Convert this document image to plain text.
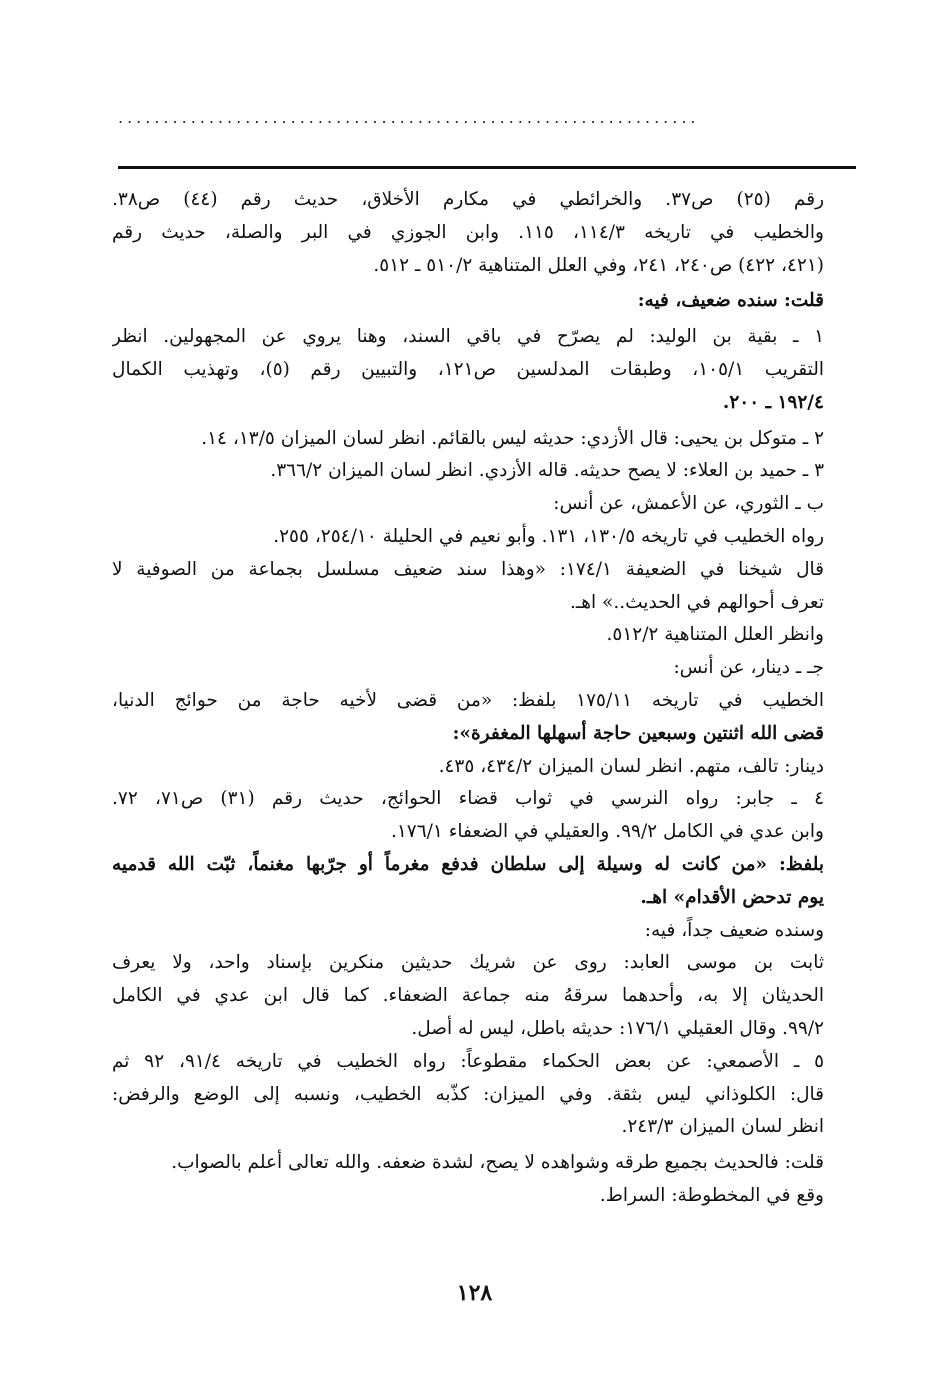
................................................................
رقم (٢٥) ص٣٧. والخرائطي في مكارم الأخلاق، حديث رقم (٤٤) ص٣٨.
والخطيب في تاريخه ١١٤/٣، ١١٥. وابن الجوزي في البر والصلة، حديث رقم
(٤٢١، ٤٢٢) ص٢٤٠، ٢٤١، وفي العلل المتناهية ٥١٠/٢ ـ ٥١٢.
قلت: سنده ضعيف، فيه:
١ ـ بقية بن الوليد: لم يصرّح في باقي السند، وهنا يروي عن المجهولين. انظر
التقريب ١٠٥/١، وطبقات المدلسين ص١٢١، والتبيين رقم (٥)، وتهذيب الكمال
١٩٢/٤ ـ ٢٠٠.
٢ ـ متوكل بن يحيى: قال الأزدي: حديثه ليس بالقائم. انظر لسان الميزان ١٣/٥، ١٤.
٣ ـ حميد بن العلاء: لا يصح حديثه. قاله الأزدي. انظر لسان الميزان ٣٦٦/٢.
ب ـ الثوري، عن الأعمش، عن أنس:
رواه الخطيب في تاريخه ١٣٠/٥، ١٣١. وأبو نعيم في الحليلة ٢٥٤/١٠، ٢٥٥.
قال شيخنا في الضعيفة ١٧٤/١: «وهذا سند ضعيف مسلسل بجماعة من الصوفية لا
تعرف أحوالهم في الحديث..» اهـ.
وانظر العلل المتناهية ٥١٢/٢.
جـ ـ دينار، عن أنس:
الخطيب في تاريخه ١٧٥/١١ بلفظ: «من قضى لأخيه حاجة من حوائج الدنيا،
قضى الله اثنتين وسبعين حاجة أسهلها المغفرة»:
دينار: تالف، متهم. انظر لسان الميزان ٤٣٤/٢، ٤٣٥.
٤ ـ جابر: رواه النرسي في ثواب قضاء الحوائج، حديث رقم (٣١) ص٧١، ٧٢.
وابن عدي في الكامل ٩٩/٢. والعقيلي في الضعفاء ١٧٦/١.
بلفظ: «من كانت له وسيلة إلى سلطان فدفع مغرماً أو جرّبها مغنماً، ثبّت الله قدميه
يوم تدحض الأقدام» اهـ.
وسنده ضعيف جداً، فيه:
ثابت بن موسى العابد: روى عن شريك حديثين منكرين بإسناد واحد، ولا يعرف
الحديثان إلا به، وأحدهما سرقهُ منه جماعة الضعفاء. كما قال ابن عدي في الكامل
٩٩/٢. وقال العقيلي ١٧٦/١: حديثه باطل، ليس له أصل.
٥ ـ الأصمعي: عن بعض الحكماء مقطوعاً: رواه الخطيب في تاريخه ٩١/٤، ٩٢ ثم
قال: الكلوذاني ليس بثقة. وفي الميزان: كذّبه الخطيب، ونسبه إلى الوضع والرفض:
انظر لسان الميزان ٢٤٣/٣.
قلت: فالحديث بجميع طرقه وشواهده لا يصح، لشدة ضعفه. والله تعالى أعلم بالصواب.
وقع في المخطوطة: السراط.
١٢٨
